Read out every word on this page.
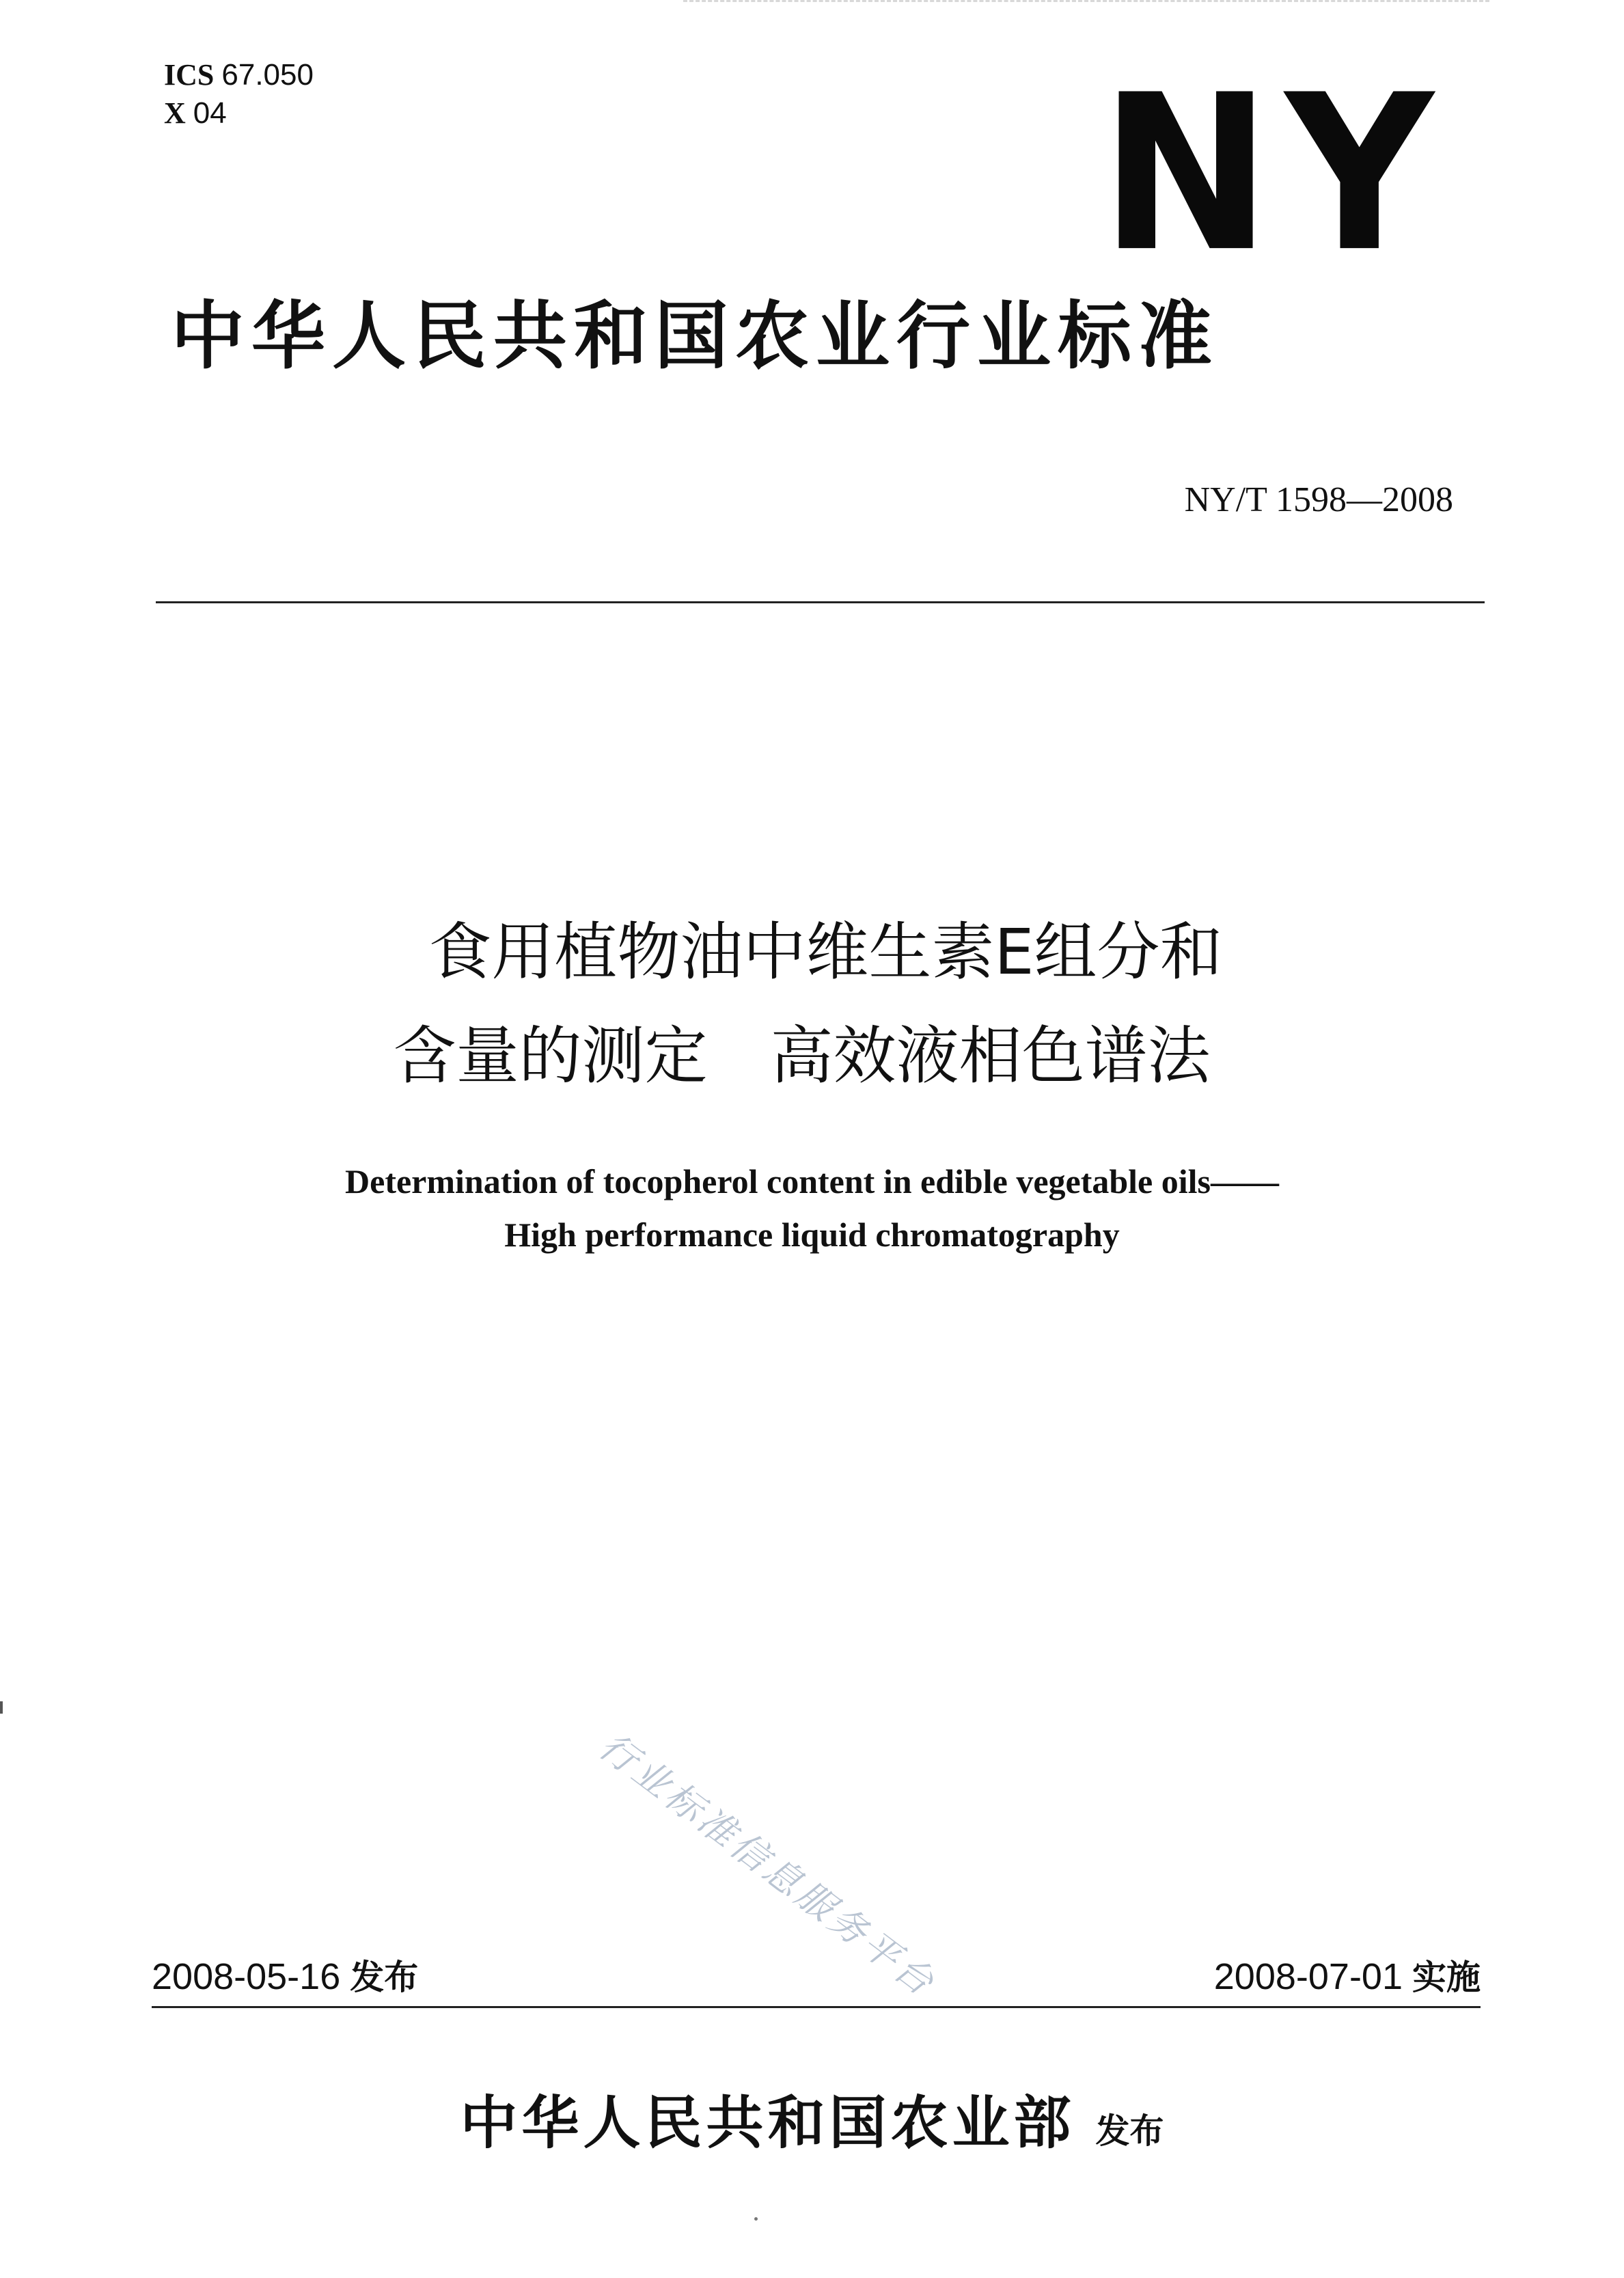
ICS 67.050
X 04	NY
中华人民共和国农业行业标准
NY/T 1598—2008
食用植物油中维生素E组分和
含量的测定　高效液相色谱法
Determination of tocopherol content in edible vegetable oils——
High performance liquid chromatography
行业标准信息服务平台
2008-05-16 发布	2008-07-01 实施
中华人民共和国农业部 发布
